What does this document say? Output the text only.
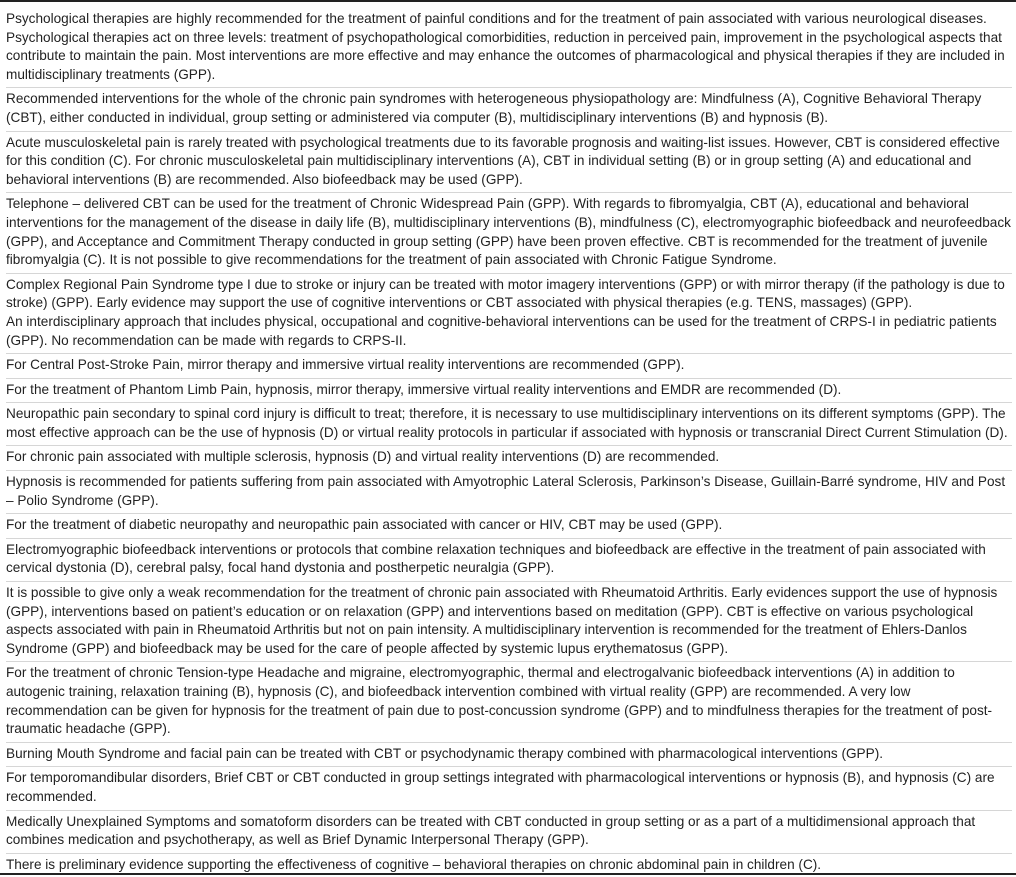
Psychological therapies are highly recommended for the treatment of painful conditions and for the treatment of pain associated with various neurological diseases.
Psychological therapies act on three levels: treatment of psychopathological comorbidities, reduction in perceived pain, improvement in the psychological aspects that contribute to maintain the pain. Most interventions are more effective and may enhance the outcomes of pharmacological and physical therapies if they are included in multidisciplinary treatments (GPP).
Recommended interventions for the whole of the chronic pain syndromes with heterogeneous physiopathology are: Mindfulness (A), Cognitive Behavioral Therapy (CBT), either conducted in individual, group setting or administered via computer (B), multidisciplinary interventions (B) and hypnosis (B).
Acute musculoskeletal pain is rarely treated with psychological treatments due to its favorable prognosis and waiting-list issues. However, CBT is considered effective for this condition (C). For chronic musculoskeletal pain multidisciplinary interventions (A), CBT in individual setting (B) or in group setting (A) and educational and behavioral interventions (B) are recommended. Also biofeedback may be used (GPP).
Telephone – delivered CBT can be used for the treatment of Chronic Widespread Pain (GPP). With regards to fibromyalgia, CBT (A), educational and behavioral interventions for the management of the disease in daily life (B), multidisciplinary interventions (B), mindfulness (C), electromyographic biofeedback and neurofeedback (GPP), and Acceptance and Commitment Therapy conducted in group setting (GPP) have been proven effective. CBT is recommended for the treatment of juvenile fibromyalgia (C). It is not possible to give recommendations for the treatment of pain associated with Chronic Fatigue Syndrome.
Complex Regional Pain Syndrome type I due to stroke or injury can be treated with motor imagery interventions (GPP) or with mirror therapy (if the pathology is due to stroke) (GPP). Early evidence may support the use of cognitive interventions or CBT associated with physical therapies (e.g. TENS, massages) (GPP).
An interdisciplinary approach that includes physical, occupational and cognitive-behavioral interventions can be used for the treatment of CRPS-I in pediatric patients (GPP). No recommendation can be made with regards to CRPS-II.
For Central Post-Stroke Pain, mirror therapy and immersive virtual reality interventions are recommended (GPP).
For the treatment of Phantom Limb Pain, hypnosis, mirror therapy, immersive virtual reality interventions and EMDR are recommended (D).
Neuropathic pain secondary to spinal cord injury is difficult to treat; therefore, it is necessary to use multidisciplinary interventions on its different symptoms (GPP). The most effective approach can be the use of hypnosis (D) or virtual reality protocols in particular if associated with hypnosis or transcranial Direct Current Stimulation (D).
For chronic pain associated with multiple sclerosis, hypnosis (D) and virtual reality interventions (D) are recommended.
Hypnosis is recommended for patients suffering from pain associated with Amyotrophic Lateral Sclerosis, Parkinson’s Disease, Guillain-Barré syndrome, HIV and Post – Polio Syndrome (GPP).
For the treatment of diabetic neuropathy and neuropathic pain associated with cancer or HIV, CBT may be used (GPP).
Electromyographic biofeedback interventions or protocols that combine relaxation techniques and biofeedback are effective in the treatment of pain associated with cervical dystonia (D), cerebral palsy, focal hand dystonia and postherpetic neuralgia (GPP).
It is possible to give only a weak recommendation for the treatment of chronic pain associated with Rheumatoid Arthritis. Early evidences support the use of hypnosis (GPP), interventions based on patient’s education or on relaxation (GPP) and interventions based on meditation (GPP). CBT is effective on various psychological aspects associated with pain in Rheumatoid Arthritis but not on pain intensity. A multidisciplinary intervention is recommended for the treatment of Ehlers-Danlos Syndrome (GPP) and biofeedback may be used for the care of people affected by systemic lupus erythematosus (GPP).
For the treatment of chronic Tension-type Headache and migraine, electromyographic, thermal and electrogalvanic biofeedback interventions (A) in addition to autogenic training, relaxation training (B), hypnosis (C), and biofeedback intervention combined with virtual reality (GPP) are recommended. A very low recommendation can be given for hypnosis for the treatment of pain due to post-concussion syndrome (GPP) and to mindfulness therapies for the treatment of post-traumatic headache (GPP).
Burning Mouth Syndrome and facial pain can be treated with CBT or psychodynamic therapy combined with pharmacological interventions (GPP).
For temporomandibular disorders, Brief CBT or CBT conducted in group settings integrated with pharmacological interventions or hypnosis (B), and hypnosis (C) are recommended.
Medically Unexplained Symptoms and somatoform disorders can be treated with CBT conducted in group setting or as a part of a multidimensional approach that combines medication and psychotherapy, as well as Brief Dynamic Interpersonal Therapy (GPP).
There is preliminary evidence supporting the effectiveness of cognitive – behavioral therapies on chronic abdominal pain in children (C).
